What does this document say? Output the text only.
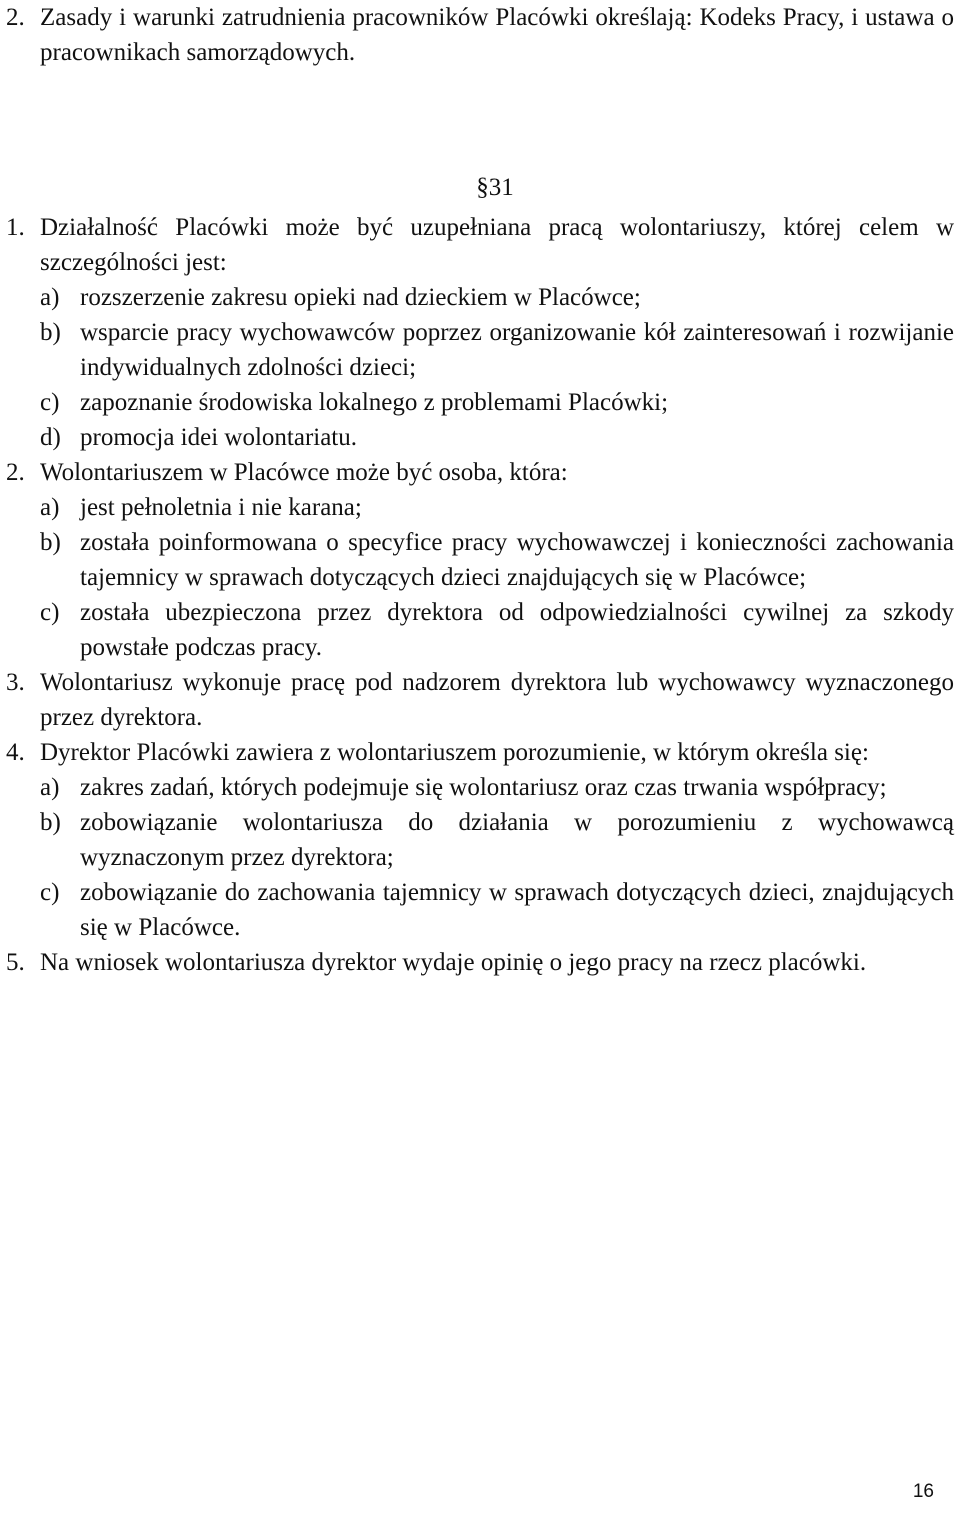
2. Zasady i warunki zatrudnienia pracowników Placówki określają: Kodeks Pracy, i ustawa o pracownikach samorządowych.
§31
1. Działalność Placówki może być uzupełniana pracą wolontariuszy, której celem w szczególności jest:
a) rozszerzenie zakresu opieki nad dzieckiem w Placówce;
b) wsparcie pracy wychowawców poprzez organizowanie kół zainteresowań i rozwijanie indywidualnych zdolności dzieci;
c) zapoznanie środowiska lokalnego z problemami Placówki;
d) promocja idei wolontariatu.
2. Wolontariuszem w Placówce może być osoba, która:
a) jest pełnoletnia i nie karana;
b) została poinformowana o specyfice pracy wychowawczej i konieczności zachowania tajemnicy w sprawach dotyczących dzieci znajdujących się w Placówce;
c) została ubezpieczona przez dyrektora od odpowiedzialności cywilnej za szkody powstałe podczas pracy.
3. Wolontariusz wykonuje pracę pod nadzorem dyrektora lub wychowawcy wyznaczonego przez dyrektora.
4. Dyrektor Placówki zawiera z wolontariuszem porozumienie, w którym określa się:
a) zakres zadań, których podejmuje się wolontariusz oraz czas trwania współpracy;
b) zobowiązanie wolontariusza do działania w porozumieniu z wychowawcą wyznaczonym przez dyrektora;
c) zobowiązanie do zachowania tajemnicy w sprawach dotyczących dzieci, znajdujących się w Placówce.
5. Na wniosek wolontariusza dyrektor wydaje opinię o jego pracy na rzecz placówki.
16
